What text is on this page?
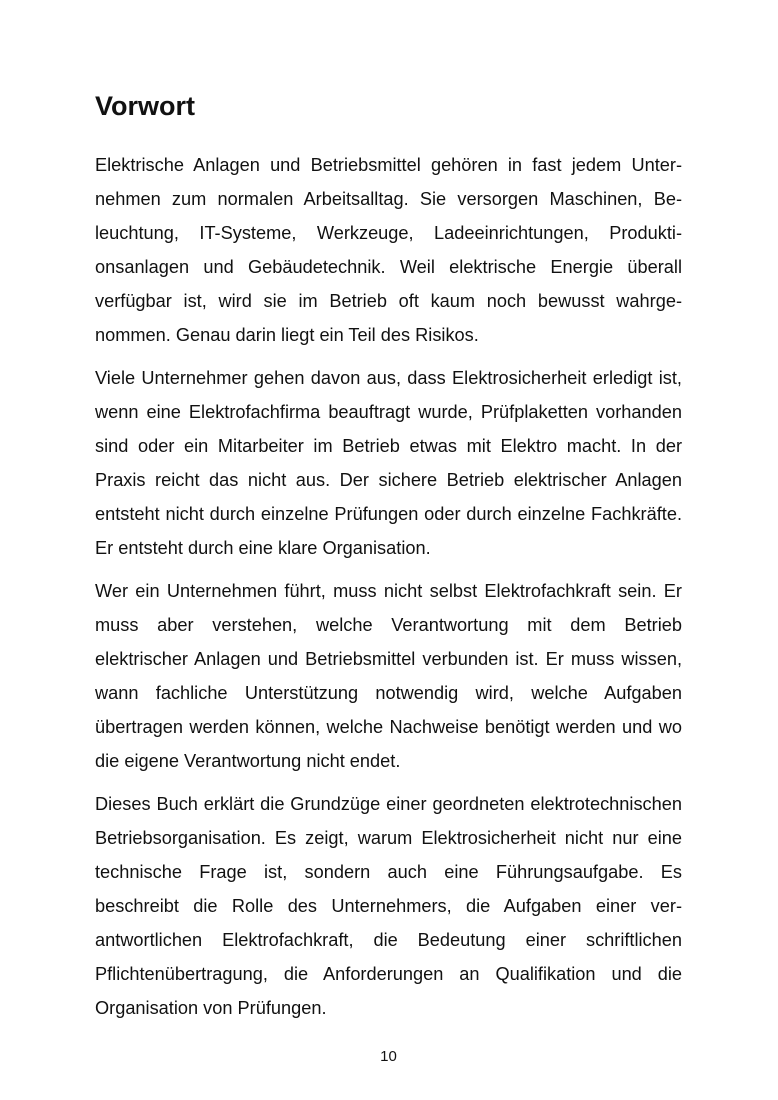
Vorwort

Elektrische Anlagen und Betriebsmittel gehören in fast jedem Unternehmen zum normalen Arbeitsalltag. Sie versorgen Maschinen, Beleuchtung, IT-Systeme, Werkzeuge, Ladeeinrichtungen, Produktionsanlagen und Gebäudetechnik. Weil elektrische Energie überall verfügbar ist, wird sie im Betrieb oft kaum noch bewusst wahrgenommen. Genau darin liegt ein Teil des Risikos.

Viele Unternehmer gehen davon aus, dass Elektrosicherheit erledigt ist, wenn eine Elektrofachfirma beauftragt wurde, Prüfplaketten vorhanden sind oder ein Mitarbeiter im Betrieb etwas mit Elektro macht. In der Praxis reicht das nicht aus. Der sichere Betrieb elektrischer Anlagen entsteht nicht durch einzelne Prüfungen oder durch einzelne Fachkräfte. Er entsteht durch eine klare Organisation.

Wer ein Unternehmen führt, muss nicht selbst Elektrofachkraft sein. Er muss aber verstehen, welche Verantwortung mit dem Betrieb elektrischer Anlagen und Betriebsmittel verbunden ist. Er muss wissen, wann fachliche Unterstützung notwendig wird, welche Aufgaben übertragen werden können, welche Nachweise benötigt werden und wo die eigene Verantwortung nicht endet.

Dieses Buch erklärt die Grundzüge einer geordneten elektrotechnischen Betriebsorganisation. Es zeigt, warum Elektrosicherheit nicht nur eine technische Frage ist, sondern auch eine Führungsaufgabe. Es beschreibt die Rolle des Unternehmers, die Aufgaben einer verantwortlichen Elektrofachkraft, die Bedeutung einer schriftlichen Pflichtenübertragung, die Anforderungen an Qualifikation und die Organisation von Prüfungen.

10
